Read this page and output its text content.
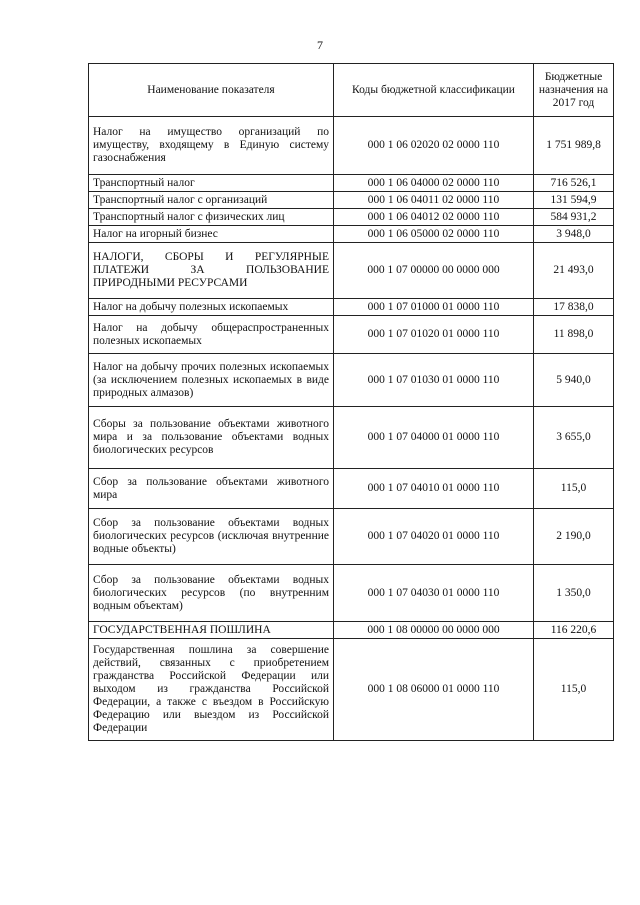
7
Наименование показателя	Коды бюджетной классификации	Бюджетные назначения на 2017 год
Налог на имущество организаций по имуществу, входящему в Единую систему газоснабжения	000 1 06 02020 02 0000 110	1 751 989,8
Транспортный налог	000 1 06 04000 02 0000 110	716 526,1
Транспортный налог с организаций	000 1 06 04011 02 0000 110	131 594,9
Транспортный налог с физических лиц	000 1 06 04012 02 0000 110	584 931,2
Налог на игорный бизнес	000 1 06 05000 02 0000 110	3 948,0
НАЛОГИ, СБОРЫ И РЕГУЛЯРНЫЕ ПЛАТЕЖИ ЗА ПОЛЬЗОВАНИЕ ПРИРОДНЫМИ РЕСУРСАМИ	000 1 07 00000 00 0000 000	21 493,0
Налог на добычу полезных ископаемых	000 1 07 01000 01 0000 110	17 838,0
Налог на добычу общераспространенных полезных ископаемых	000 1 07 01020 01 0000 110	11 898,0
Налог на добычу прочих полезных ископаемых (за исключением полезных ископаемых в виде природных алмазов)	000 1 07 01030 01 0000 110	5 940,0
Сборы за пользование объектами животного мира и за пользование объектами водных биологических ресурсов	000 1 07 04000 01 0000 110	3 655,0
Сбор за пользование объектами животного мира	000 1 07 04010 01 0000 110	115,0
Сбор за пользование объектами водных биологических ресурсов (исключая внутренние водные объекты)	000 1 07 04020 01 0000 110	2 190,0
Сбор за пользование объектами водных биологических ресурсов (по внутренним водным объектам)	000 1 07 04030 01 0000 110	1 350,0
ГОСУДАРСТВЕННАЯ ПОШЛИНА	000 1 08 00000 00 0000 000	116 220,6
Государственная пошлина за совершение действий, связанных с приобретением гражданства Российской Федерации или выходом из гражданства Российской Федерации, а также с въездом в Российскую Федерацию или выездом из Российской Федерации	000 1 08 06000 01 0000 110	115,0
